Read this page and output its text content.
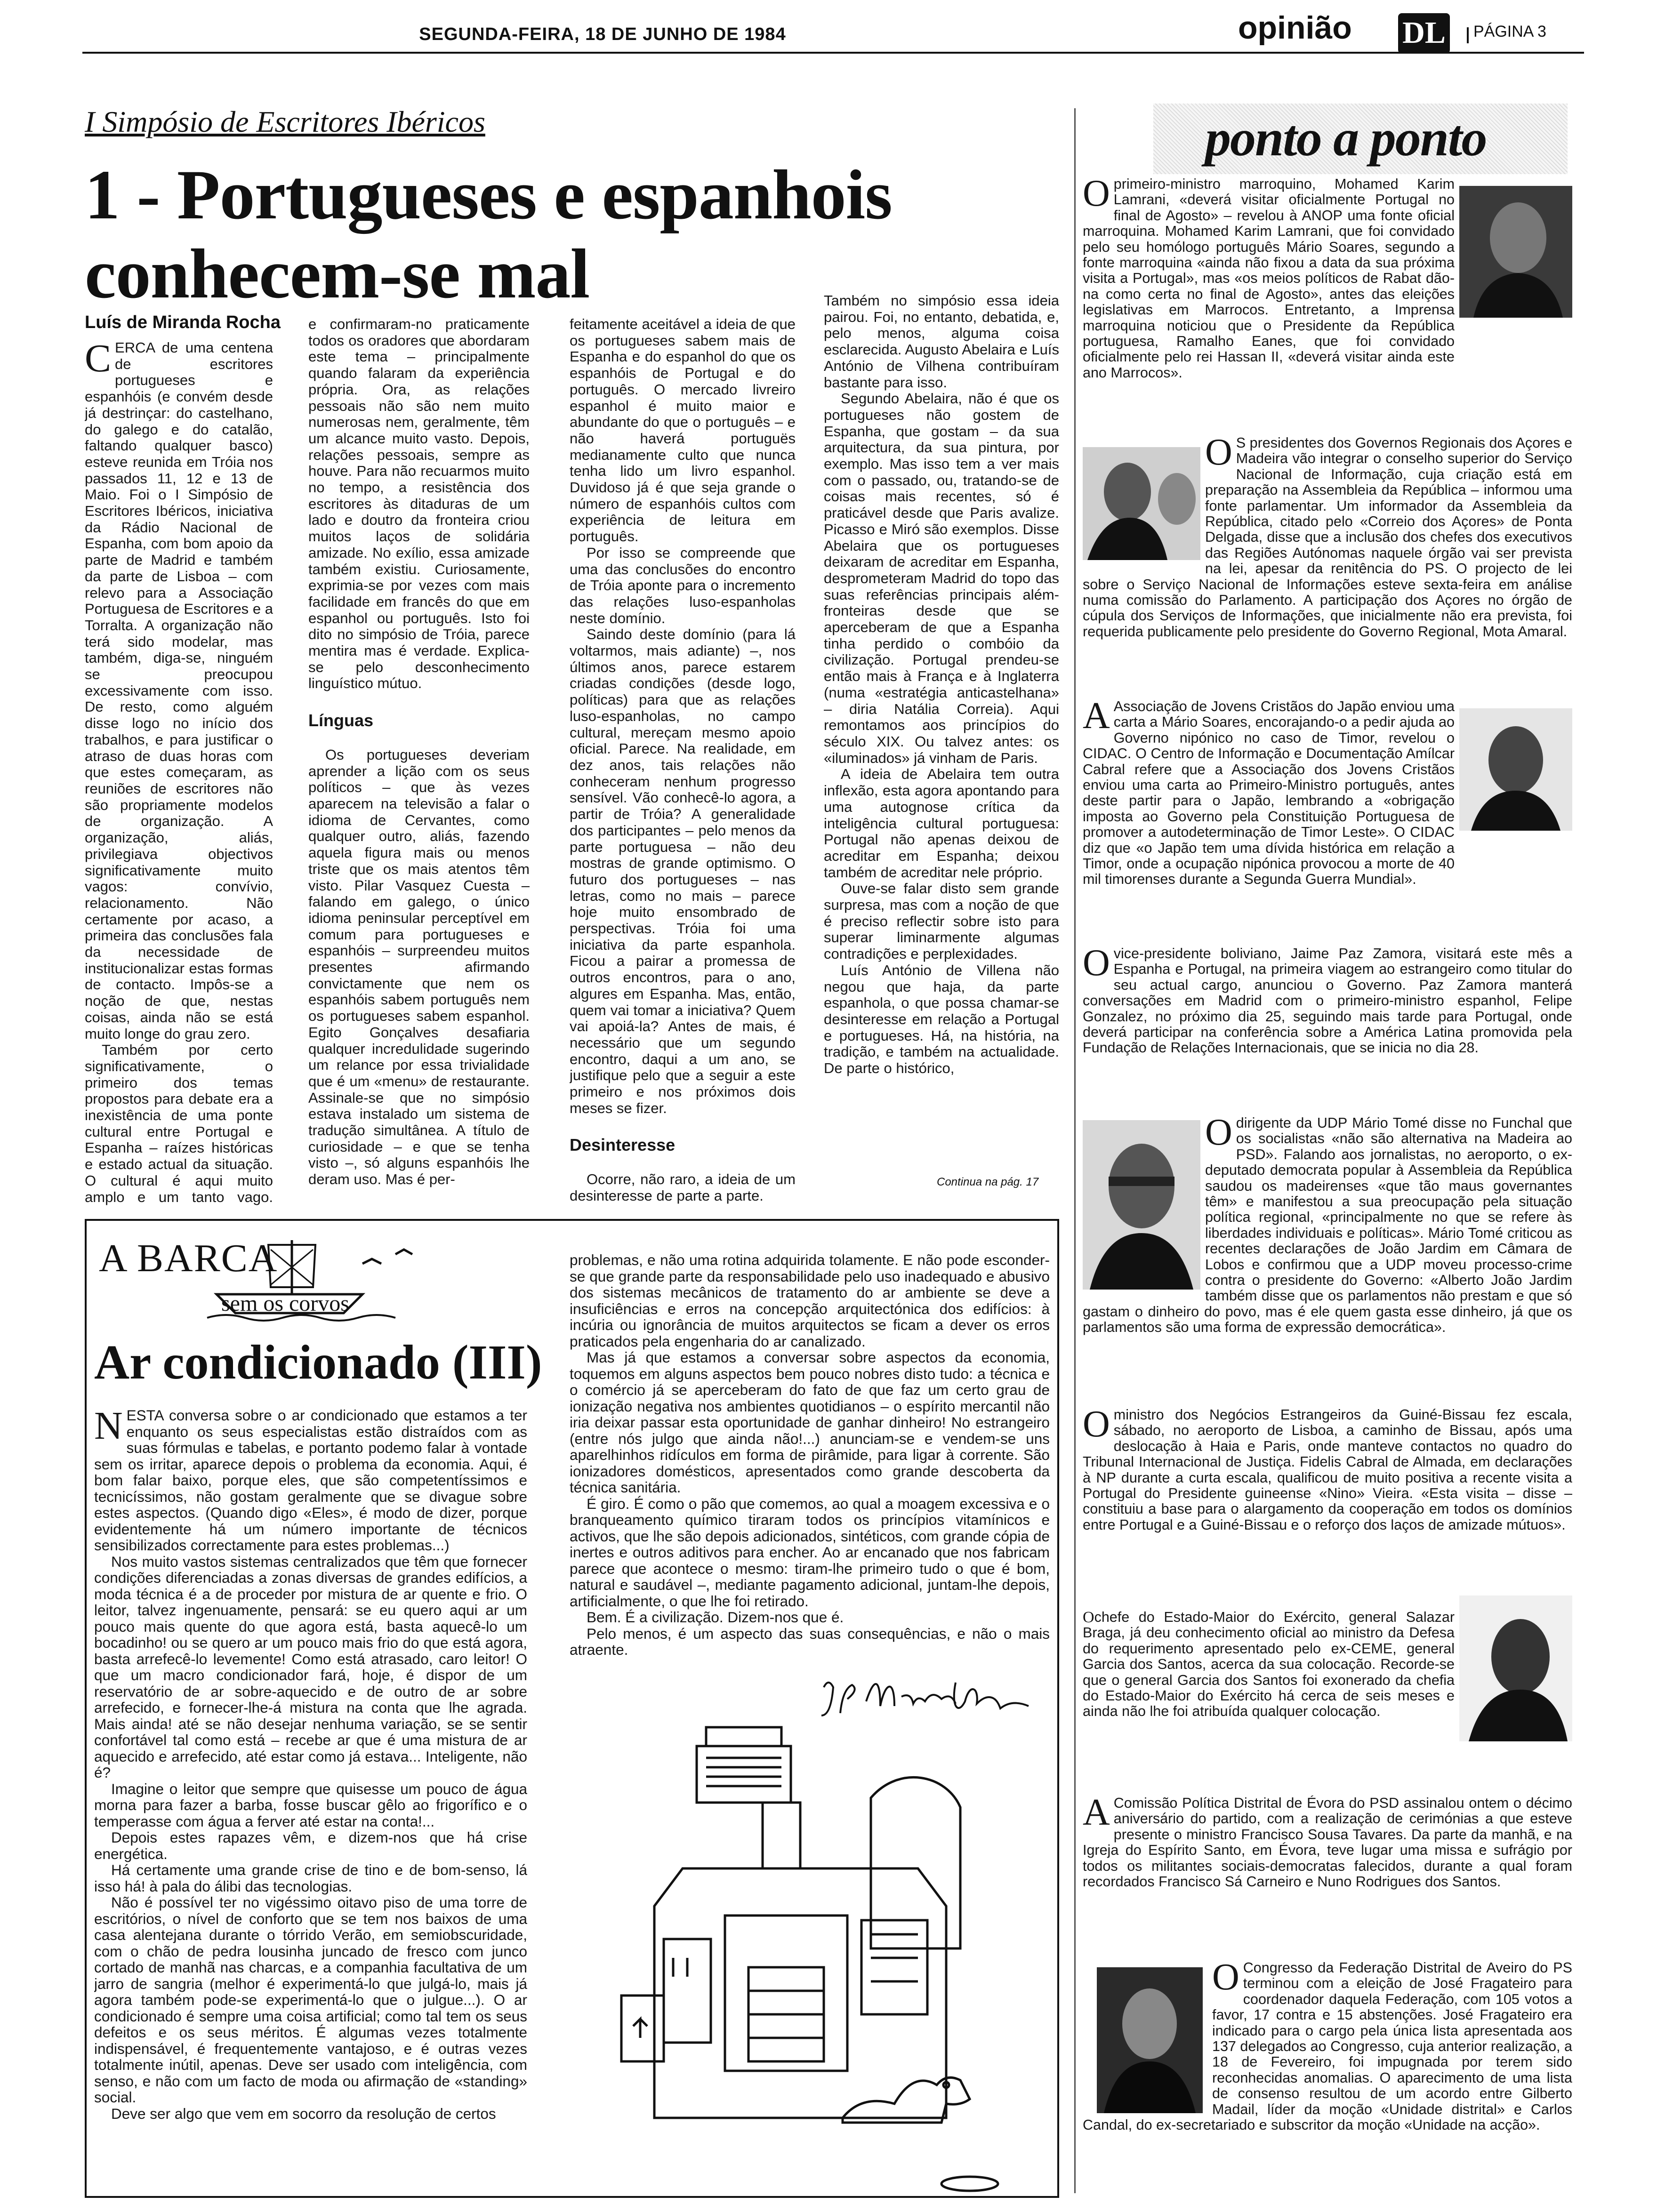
SEGUNDA-FEIRA, 18 DE JUNHO DE 1984	opinião DL PÁGINA 3
I Simpósio de Escritores Ibéricos
1 - Portugueses e espanhois conhecem-se mal
Luís de Miranda Rocha

CERCA de uma centena de escritores portugueses e espanhóis (e convém desde já destrinçar: do castelhano, do galego e do catalão, faltando qualquer basco) esteve reunida em Tróia nos passados 11, 12 e 13 de Maio. Foi o I Simpósio de Escritores Ibéricos, iniciativa da Rádio Nacional de Espanha, com bom apoio da parte de Madrid e também da parte de Lisboa – com relevo para a Associação Portuguesa de Escritores e a Torralta. A organização não terá sido modelar, mas também, diga-se, ninguém se preocupou excessivamente com isso. De resto, como alguém disse logo no início dos trabalhos, e para justificar o atraso de duas horas com que estes começaram, as reuniões de escritores não são propriamente modelos de organização. A organização, aliás, privilegiava objectivos significativamente muito vagos: convívio, relacionamento. Não certamente por acaso, a primeira das conclusões fala da necessidade de institucionalizar estas formas de contacto. Impôs-se a noção de que, nestas coisas, ainda não se está muito longe do grau zero.

Também por certo significativamente, o primeiro dos temas propostos para debate era a inexistência de uma ponte cultural entre Portugal e Espanha – raízes históricas e estado actual da situação. O cultural é aqui muito amplo e um tanto vago.

e confirmaram-no praticamente todos os oradores que abordaram este tema – principalmente quando falaram da experiência própria. Ora, as relações pessoais não são nem muito numerosas nem, geralmente, têm um alcance muito vasto. Depois, relações pessoais, sempre as houve. Para não recuarmos muito no tempo, a resistência dos escritores às ditaduras de um lado e doutro da fronteira criou muitos laços de solidária amizade. No exílio, essa amizade também existiu. Curiosamente, exprimia-se por vezes com mais facilidade em francês do que em espanhol ou português. Isto foi dito no simpósio de Tróia, parece mentira mas é verdade. Explica-se pelo desconhecimento linguístico mútuo.

Línguas

Os portugueses deveriam aprender a lição com os seus políticos – que às vezes aparecem na televisão a falar o idioma de Cervantes, como qualquer outro, aliás, fazendo aquela figura mais ou menos triste que os mais atentos têm visto. Pilar Vasquez Cuesta – falando em galego, o único idioma peninsular perceptível em comum para portugueses e espanhóis – surpreendeu muitos presentes afirmando convictamente que nem os espanhóis sabem português nem os portugueses sabem espanhol. Egito Gonçalves desafiaria qualquer incredulidade sugerindo um relance por essa trivialidade que é um «menu» de restaurante. Assinale-se que no simpósio estava instalado um sistema de tradução simultânea. A título de curiosidade – e que se tenha visto –, só alguns espanhóis lhe deram uso. Mas é per-

feitamente aceitável a ideia de que os portugueses sabem mais de Espanha e do espanhol do que os espanhóis de Portugal e do português. O mercado livreiro espanhol é muito maior e abundante do que o português – e não haverá portuguës medianamente culto que nunca tenha lido um livro espanhol. Duvidoso já é que seja grande o número de espanhóis cultos com experiência de leitura em português.

Por isso se compreende que uma das conclusões do encontro de Tróia aponte para o incremento das relações luso-espanholas neste domínio.

Saindo deste domínio (para lá voltarmos, mais adiante) –, nos últimos anos, parece estarem criadas condições (desde logo, políticas) para que as relações luso-espanholas, no campo cultural, mereçam mesmo apoio oficial. Parece. Na realidade, em dez anos, tais relações não conheceram nenhum progresso sensível. Vão conhecê-lo agora, a partir de Tróia? A generalidade dos participantes – pelo menos da parte portuguesa – não deu mostras de grande optimismo. O futuro dos portugueses – nas letras, como no mais – parece hoje muito ensombrado de perspectivas. Tróia foi uma iniciativa da parte espanhola. Ficou a pairar a promessa de outros encontros, para o ano, algures em Espanha. Mas, então, quem vai tomar a iniciativa? Quem vai apoiá-la? Antes de mais, é necessário que um segundo encontro, daqui a um ano, se justifique pelo que a seguir a este primeiro e nos próximos dois meses se fizer.

Desinteresse

Ocorre, não raro, a ideia de um desinteresse de parte a parte.

Também no simpósio essa ideia pairou. Foi, no entanto, debatida, e, pelo menos, alguma coisa esclarecida. Augusto Abelaira e Luís António de Vilhena contribuíram bastante para isso.

Segundo Abelaira, não é que os portugueses não gostem de Espanha, que gostam – da sua arquitectura, da sua pintura, por exemplo. Mas isso tem a ver mais com o passado, ou, tratando-se de coisas mais recentes, só é praticável desde que Paris avalize. Picasso e Miró são exemplos. Disse Abelaira que os portugueses deixaram de acreditar em Espanha, desprometeram Madrid do topo das suas referências principais além-fronteiras desde que se aperceberam de que a Espanha tinha perdido o combóio da civilização. Portugal prendeu-se então mais à França e à Inglaterra (numa «estratégia anticastelhana» – diria Natália Correia). Aqui remontamos aos princípios do século XIX. Ou talvez antes: os «iluminados» já vinham de Paris.

A ideia de Abelaira tem outra inflexão, esta agora apontando para uma autognose crítica da inteligência cultural portuguesa: Portugal não apenas deixou de acreditar em Espanha; deixou também de acreditar nele próprio.

Ouve-se falar disto sem grande surpresa, mas com a noção de que é preciso reflectir sobre isto para superar liminarmente algumas contradições e perplexidades.

Luís António de Villena não negou que haja, da parte espanhola, o que possa chamar-se desinteresse em relação a Portugal e portugueses. Há, na história, na tradição, e também na actualidade. De parte o histórico,

Continua na pág. 17
A BARCA
sem os corvos
Ar condicionado (III)

NESTA conversa sobre o ar condicionado que estamos a ter enquanto os seus especialistas estão distraídos com as suas fórmulas e tabelas, e portanto podemo falar à vontade sem os irritar, aparece depois o problema da economia. Aqui, é bom falar baixo, porque eles, que são competentíssimos e tecnicíssimos, não gostam geralmente que se divague sobre estes aspectos. (Quando digo «Eles», é modo de dizer, porque evidentemente há um número importante de técnicos sensibilizados correctamente para estes problemas...)

Nos muito vastos sistemas centralizados que têm que fornecer condições diferenciadas a zonas diversas de grandes edifícios, a moda técnica é a de proceder por mistura de ar quente e frio. O leitor, talvez ingenuamente, pensará: se eu quero aqui ar um pouco mais quente do que agora está, basta aquecê-lo um bocadinho! ou se quero ar um pouco mais frio do que está agora, basta arrefecê-lo levemente! Como está atrasado, caro leitor! O que um macro condicionador fará, hoje, é dispor de um reservatório de ar sobre-aquecido e de outro de ar sobre arrefecido, e fornecer-lhe-á mistura na conta que lhe agrada. Mais ainda! até se não desejar nenhuma variação, se se sentir confortável tal como está – recebe ar que é uma mistura de ar aquecido e arrefecido, até estar como já estava... Inteligente, não é?

Imagine o leitor que sempre que quisesse um pouco de água morna para fazer a barba, fosse buscar gêlo ao frigorífico e o temperasse com água a ferver até estar na conta!...

Depois estes rapazes vêm, e dizem-nos que há crise energética.

Há certamente uma grande crise de tino e de bom-senso, lá isso há! à pala do álibi das tecnologias.

Não é possível ter no vigéssimo oitavo piso de uma torre de escritórios, o nível de conforto que se tem nos baixos de uma casa alentejana durante o tórrido Verão, em semiobscuridade, com o chão de pedra lousinha juncado de fresco com junco cortado de manhã nas charcas, e a companhia facultativa de um jarro de sangria (melhor é experimentá-lo que julgá-lo, mais já agora também pode-se experimentá-lo que o julgue...). O ar condicionado é sempre uma coisa artificial; como tal tem os seus defeitos e os seus méritos. É algumas vezes totalmente indispensável, é frequentemente vantajoso, e é outras vezes totalmente inútil, apenas. Deve ser usado com inteligência, com senso, e não com um facto de moda ou afirmação de «standing» social.

Deve ser algo que vem em socorro da resolução de certos

problemas, e não uma rotina adquirida tolamente. E não pode esconder-se que grande parte da responsabilidade pelo uso inadequado e abusivo dos sistemas mecânicos de tratamento do ar ambiente se deve a insuficiências e erros na concepção arquitectónica dos edifícios: à incúria ou ignorância de muitos arquitectos se ficam a dever os erros praticados pela engenharia do ar canalizado.

Mas já que estamos a conversar sobre aspectos da economia, toquemos em alguns aspectos bem pouco nobres disto tudo: a técnica e o comércio já se aperceberam do fato de que faz um certo grau de ionização negativa nos ambientes quotidianos – o espírito mercantil não iria deixar passar esta oportunidade de ganhar dinheiro! No estrangeiro (entre nós julgo que ainda não!...) anunciam-se e vendem-se uns aparelhinhos ridículos em forma de pirâmide, para ligar à corrente. São ionizadores domésticos, apresentados como grande descoberta da técnica sanitária.

É giro. É como o pão que comemos, ao qual a moagem excessiva e o branqueamento químico tiraram todos os princípios vitamínicos e activos, que lhe são depois adicionados, sintéticos, com grande cópia de inertes e outros aditivos para encher. Ao ar encanado que nos fabricam parece que acontece o mesmo: tiram-lhe primeiro tudo o que é bom, natural e saudável –, mediante pagamento adicional, juntam-lhe depois, artificialmente, o que lhe foi retirado.

Bem. É a civilização. Dizem-nos que é.

Pelo menos, é um aspecto das suas consequências, e não o mais atraente.

ponto a ponto
Oprimeiro-ministro marroquino, Mohamed Karim Lamrani, «deverá visitar oficialmente Portugal no final de Agosto» – revelou à ANOP uma fonte oficial marroquina. Mohamed Karim Lamrani, que foi convidado pelo seu homólogo português Mário Soares, segundo a fonte marroquina «ainda não fixou a data da sua próxima visita a Portugal», mas «os meios políticos de Rabat dão-na como certa no final de Agosto», antes das eleições legislativas em Marrocos. Entretanto, a Imprensa marroquina noticiou que o Presidente da República portuguesa, Ramalho Eanes, que foi convidado oficialmente pelo rei Hassan II, «deverá visitar ainda este ano Marrocos».
O S presidentes dos Governos Regionais dos Açores e Madeira vão integrar o conselho superior do Serviço Nacional de Informação, cuja criação está em preparação na Assembleia da República – informou uma fonte parlamentar. Um informador da Assembleia da República, citado pelo «Correio dos Açores» de Ponta Delgada, disse que a inclusão dos chefes dos executivos das Regiões Autónomas naquele órgão vai ser prevista na lei, apesar da renitência do PS. O projecto de lei sobre o Serviço Nacional de Informações esteve sexta-feira em análise numa comissão do Parlamento. A participação dos Açores no órgão de cúpula dos Serviços de Informações, que inicialmente não era prevista, foi requerida publicamente pelo presidente do Governo Regional, Mota Amaral.
A Associação de Jovens Cristãos do Japão enviou uma carta a Mário Soares, encorajando-o a pedir ajuda ao Governo nipónico no caso de Timor, revelou o CIDAC. O Centro de Informação e Documentação Amílcar Cabral refere que a Associação dos Jovens Cristãos enviou uma carta ao Primeiro-Ministro português, antes deste partir para o Japão, lembrando a «obrigação imposta ao Governo pela Constituição Portuguesa de promover a autodeterminação de Timor Leste». O CIDAC diz que «o Japão tem uma dívida histórica em relação a Timor, onde a ocupação nipónica provocou a morte de 40 mil timorenses durante a Segunda Guerra Mundial».
Ovice-presidente boliviano, Jaime Paz Zamora, visitará este mês a Espanha e Portugal, na primeira viagem ao estrangeiro como titular do seu actual cargo, anunciou o Governo. Paz Zamora manterá conversações em Madrid com o primeiro-ministro espanhol, Felipe Gonzalez, no próximo dia 25, seguindo mais tarde para Portugal, onde deverá participar na conferência sobre a América Latina promovida pela Fundação de Relações Internacionais, que se inicia no dia 28.
Odirigente da UDP Mário Tomé disse no Funchal que os socialistas «não são alternativa na Madeira ao PSD». Falando aos jornalistas, no aeroporto, o ex-deputado democrata popular à Assembleia da República saudou os madeirenses «que tão maus governantes têm» e manifestou a sua preocupação pela situação política regional, «principalmente no que se refere às liberdades individuais e políticas». Mário Tomé criticou as recentes declarações de João Jardim em Câmara de Lobos e confirmou que a UDP moveu processo-crime contra o presidente do Governo: «Alberto João Jardim também disse que os parlamentos não prestam e que só gastam o dinheiro do povo, mas é ele quem gasta esse dinheiro, já que os parlamentos são uma forma de expressão democrática».
Oministro dos Negócios Estrangeiros da Guiné-Bissau fez escala, sábado, no aeroporto de Lisboa, a caminho de Bissau, após uma deslocação à Haia e Paris, onde manteve contactos no quadro do Tribunal Internacional de Justiça. Fidelis Cabral de Almada, em declarações à NP durante a curta escala, qualificou de muito positiva a recente visita a Portugal do Presidente guineense «Nino» Vieira. «Esta visita – disse – constituiu a base para o alargamento da cooperação em todos os domínios entre Portugal e a Guiné-Bissau e o reforço dos laços de amizade mútuos».
O chefe do Estado-Maior do Exército, general Salazar Braga, já deu conhecimento oficial ao ministro da Defesa do requerimento apresentado pelo ex-CEME, general Garcia dos Santos, acerca da sua colocação. Recorde-se que o general Garcia dos Santos foi exonerado da chefia do Estado-Maior do Exército há cerca de seis meses e ainda não lhe foi atribuída qualquer colocação.
A Comissão Política Distrital de Évora do PSD assinalou ontem o décimo aniversário do partido, com a realização de cerimónias a que esteve presente o ministro Francisco Sousa Tavares. Da parte da manhã, e na Igreja do Espírito Santo, em Évora, teve lugar uma missa e sufrágio por todos os militantes sociais-democratas falecidos, durante a qual foram recordados Francisco Sá Carneiro e Nuno Rodrigues dos Santos.
O Congresso da Federação Distrital de Aveiro do PS terminou com a eleição de José Fragateiro para coordenador daquela Federação, com 105 votos a favor, 17 contra e 15 abstenções. José Fragateiro era indicado para o cargo pela única lista apresentada aos 137 delegados ao Congresso, cuja anterior realização, a 18 de Fevereiro, foi impugnada por terem sido reconhecidas anomalias. O aparecimento de uma lista de consenso resultou de um acordo entre Gilberto Madail, líder da moção «Unidade distrital» e Carlos Candal, do ex-secretariado e subscritor da moção «Unidade na acção».
